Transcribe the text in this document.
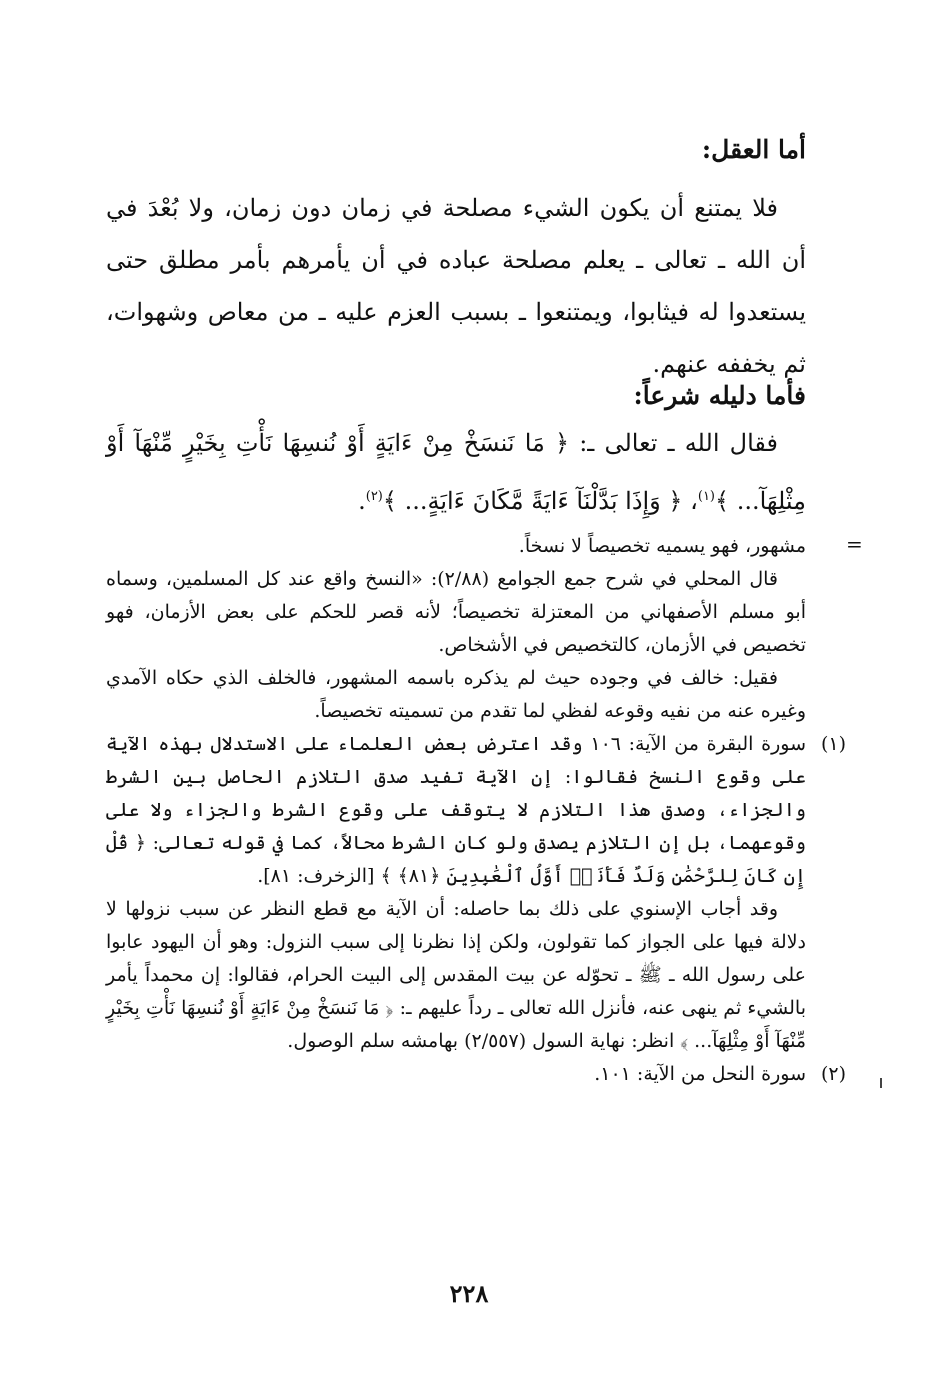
أما العقل:
فلا يمتنع أن يكون الشيء مصلحة في زمان دون زمان، ولا بُعْدَ في أن الله ـ تعالى ـ يعلم مصلحة عباده في أن يأمرهم بأمر مطلق حتى يستعدوا له فيثابوا، ويمتنعوا ـ بسبب العزم عليه ـ من معاص وشهوات، ثم يخففه عنهم.
فأما دليله شرعاً:
فقال الله ـ تعالى ـ: ﴿ مَا نَنسَخْ مِنْ ءَايَةٍ أَوْ نُنسِهَا نَأْتِ بِخَيْرٍ مِّنْهَآ أَوْ مِثْلِهَآ... ﴾$^{(١)}$، ﴿ وَإِذَا بَدَّلْنَآ ءَايَةً مَّكَانَ ءَايَةٍ... ﴾$^{(٢)}$.
=

مشهور، فهو يسميه تخصيصاً لا نسخاً.

قال المحلي في شرح جمع الجوامع (٢/٨٨): «النسخ واقع عند كل المسلمين، وسماه أبو مسلم الأصفهاني من المعتزلة تخصيصاً؛ لأنه قصر للحكم على بعض الأزمان، فهو تخصيص في الأزمان، كالتخصيص في الأشخاص.

فقيل: خالف في وجوده حيث لم يذكره باسمه المشهور، فالخلف الذي حكاه الآمدي وغيره عنه من نفيه وقوعه لفظي لما تقدم من تسميته تخصيصاً.

(١)

سورة البقرة من الآية: ١٠٦ وقد اعترض بعض العلماء على الاستدلال بهذه الآية على وقوع النسخ فقالوا: إن الآية تفيد صدق التلازم الحاصل بين الشرط والجزاء، وصدق هذا التلازم لا يتوقف على وقوع الشرط والجزاء ولا على وقوعهما، بل إن التلازم يصدق ولو كان الشرط محالاً، كما في قوله تعالى: ﴿ قُلْ إِن كَانَ لِلرَّحْمَٰنِ وَلَدٌ فَأَنَا۠ أَوَّلُ ٱلْعَٰبِدِينَ ﴿٨١﴾ ﴾ [الزخرف: ٨١].

وقد أجاب الإسنوي على ذلك بما حاصله: أن الآية مع قطع النظر عن سبب نزولها لا دلالة فيها على الجواز كما تقولون، ولكن إذا نظرنا إلى سبب النزول: وهو أن اليهود عابوا على رسول الله ـ ﷺ ـ تحوّله عن بيت المقدس إلى البيت الحرام، فقالوا: إن محمداً يأمر بالشيء ثم ينهى عنه، فأنزل الله تعالى ـ رداً عليهم ـ: ﴿ مَا نَنسَخْ مِنْ ءَايَةٍ أَوْ نُنسِهَا نَأْتِ بِخَيْرٍ مِّنْهَآ أَوْ مِثْلِهَآ... ﴾ انظر: نهاية السول (٢/٥٥٧) بهامشه سلم الوصول.

(٢)

سورة النحل من الآية: ١٠١.

٢٢٨
